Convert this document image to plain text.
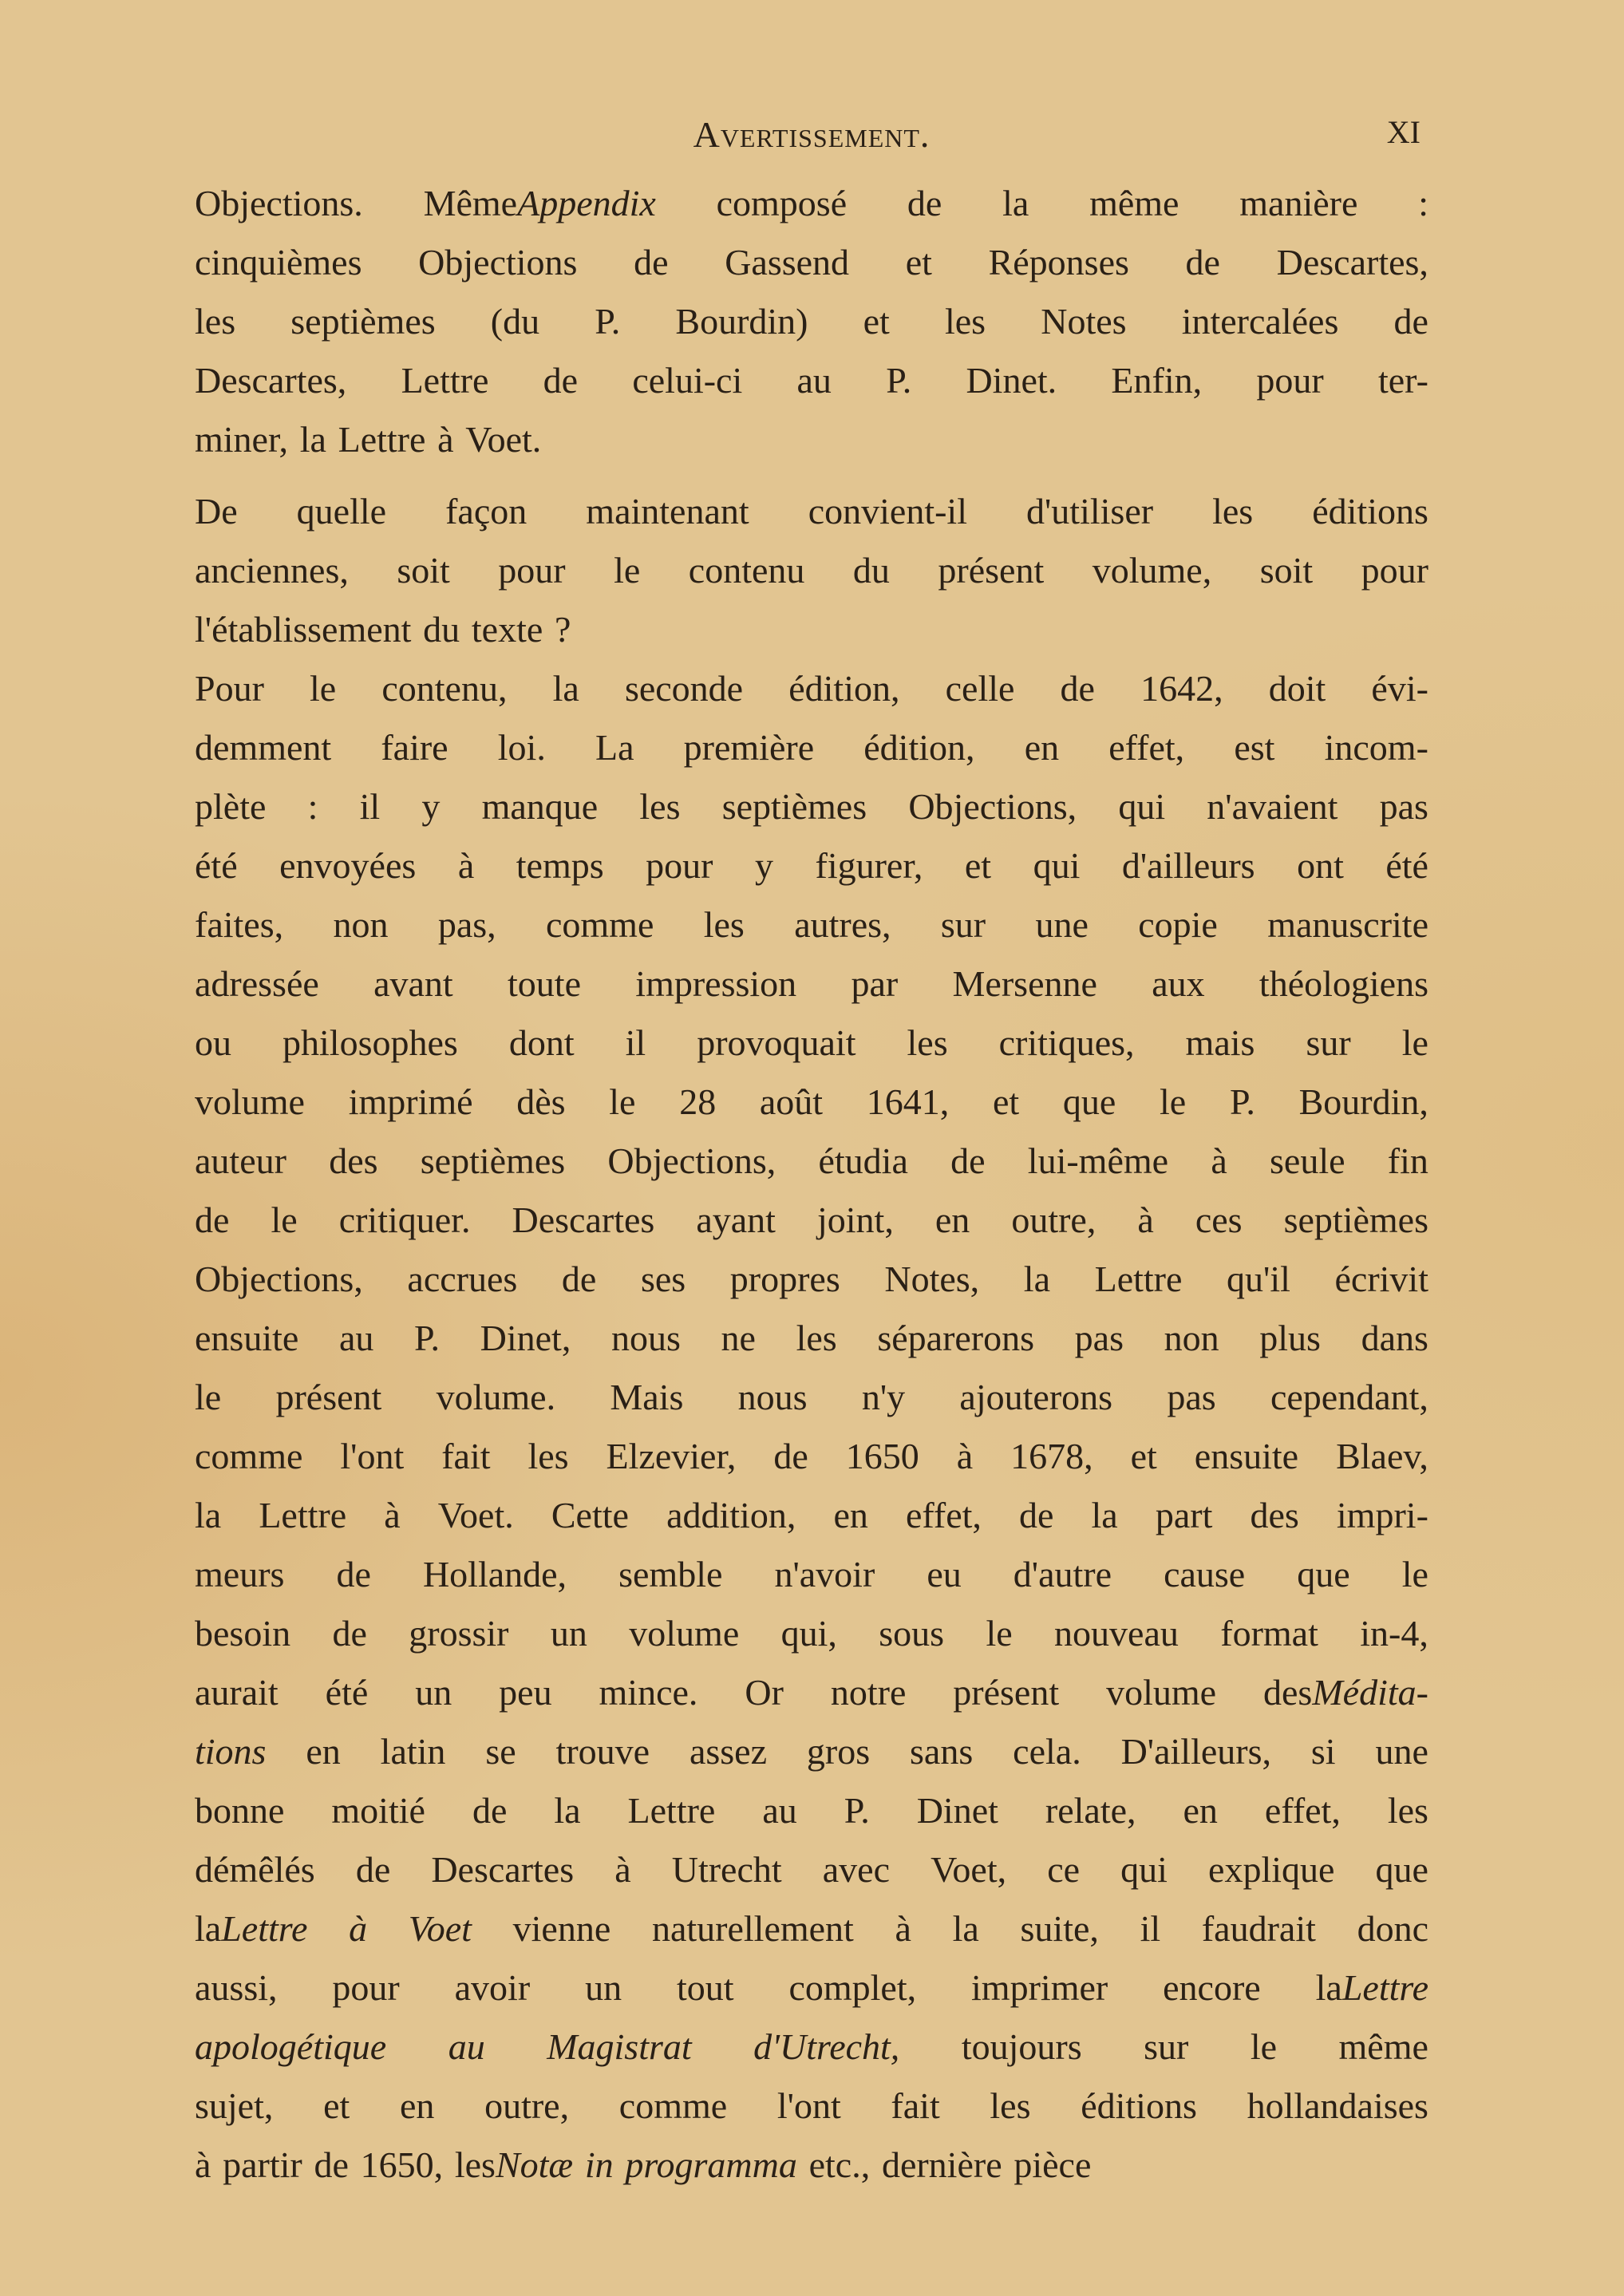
Avertissement.	XI
Objections. MêmeAppendix composé de la même manière :
cinquièmes Objections de Gassend et Réponses de Descartes,
les septièmes (du P. Bourdin) et les Notes intercalées de
Descartes, Lettre de celui-ci au P. Dinet. Enfin, pour ter-
miner, la Lettre à Voet.
De quelle façon maintenant convient-il d'utiliser les éditions
anciennes, soit pour le contenu du présent volume, soit pour
l'établissement du texte ?
Pour le contenu, la seconde édition, celle de 1642, doit évi-
demment faire loi. La première édition, en effet, est incom-
plète : il y manque les septièmes Objections, qui n'avaient pas
été envoyées à temps pour y figurer, et qui d'ailleurs ont été
faites, non pas, comme les autres, sur une copie manuscrite
adressée avant toute impression par Mersenne aux théologiens
ou philosophes dont il provoquait les critiques, mais sur le
volume imprimé dès le 28 août 1641, et que le P. Bourdin,
auteur des septièmes Objections, étudia de lui-même à seule fin
de le critiquer. Descartes ayant joint, en outre, à ces septièmes
Objections, accrues de ses propres Notes, la Lettre qu'il écrivit
ensuite au P. Dinet, nous ne les séparerons pas non plus dans
le présent volume. Mais nous n'y ajouterons pas cependant,
comme l'ont fait les Elzevier, de 1650 à 1678, et ensuite Blaev,
la Lettre à Voet. Cette addition, en effet, de la part des impri-
meurs de Hollande, semble n'avoir eu d'autre cause que le
besoin de grossir un volume qui, sous le nouveau format in-4,
aurait été un peu mince. Or notre présent volume desMédita-
tions en latin se trouve assez gros sans cela. D'ailleurs, si une
bonne moitié de la Lettre au P. Dinet relate, en effet, les
démêlés de Descartes à Utrecht avec Voet, ce qui explique que
laLettre à Voet vienne naturellement à la suite, il faudrait donc
aussi, pour avoir un tout complet, imprimer encore laLettre
apologétique au Magistrat d'Utrecht, toujours sur le même
sujet, et en outre, comme l'ont fait les éditions hollandaises
à partir de 1650, lesNotæ in programma etc., dernière pièce
